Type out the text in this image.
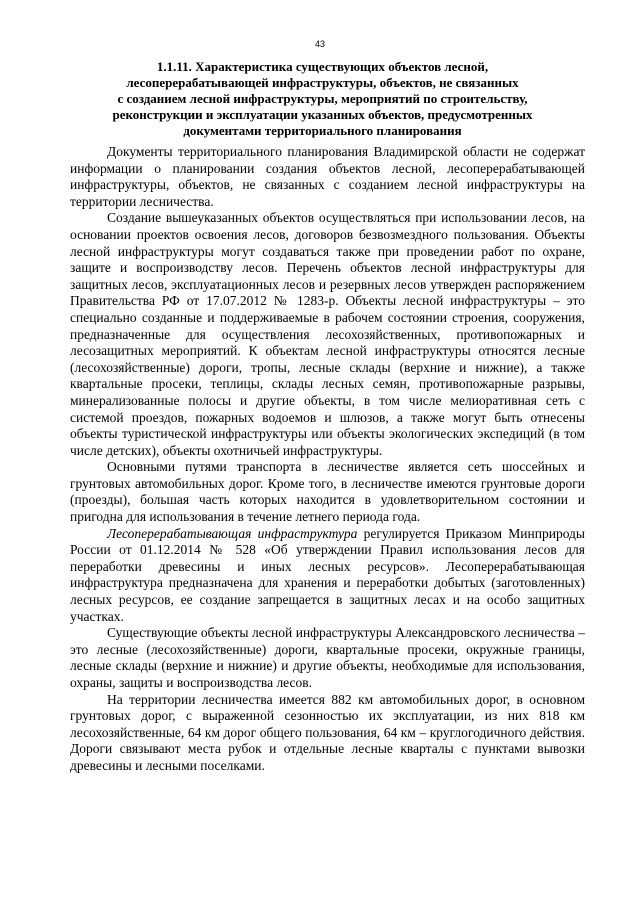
43
1.1.11. Характеристика существующих объектов лесной,
лесоперерабатывающей инфраструктуры, объектов, не связанных
с созданием лесной инфраструктуры, мероприятий по строительству,
реконструкции и эксплуатации указанных объектов, предусмотренных
документами территориального планирования

Документы территориального планирования Владимирской области не содержат информации о планировании создания объектов лесной, лесоперерабатывающей инфраструктуры, объектов, не связанных с созданием лесной инфраструктуры на территории лесничества.

Создание вышеуказанных объектов осуществляться при использовании лесов, на основании проектов освоения лесов, договоров безвозмездного пользования. Объекты лесной инфраструктуры могут создаваться также при проведении работ по охране, защите и воспроизводству лесов. Перечень объектов лесной инфраструктуры для защитных лесов, эксплуатационных лесов и резервных лесов утвержден распоряжением Правительства РФ от 17.07.2012 № 1283-р. Объекты лесной инфраструктуры – это специально созданные и поддерживаемые в рабочем состоянии строения, сооружения, предназначенные для осуществления лесохозяйственных, противопожарных и лесозащитных мероприятий. К объектам лесной инфраструктуры относятся лесные (лесохозяйственные) дороги, тропы, лесные склады (верхние и нижние), а также квартальные просеки, теплицы, склады лесных семян, противопожарные разрывы, минерализованные полосы и другие объекты, в том числе мелиоративная сеть с системой проездов, пожарных водоемов и шлюзов, а также могут быть отнесены объекты туристической инфраструктуры или объекты экологических экспедиций (в том числе детских), объекты охотничьей инфраструктуры.

Основными путями транспорта в лесничестве является сеть шоссейных и грунтовых автомобильных дорог. Кроме того, в лесничестве имеются грунтовые дороги (проезды), большая часть которых находится в удовлетворительном состоянии и пригодна для использования в течение летнего периода года.

Лесоперерабатывающая инфраструктура регулируется Приказом Минприроды России от 01.12.2014 № 528 «Об утверждении Правил использования лесов для переработки древесины и иных лесных ресурсов». Лесоперерабатывающая инфраструктура предназначена для хранения и переработки добытых (заготовленных) лесных ресурсов, ее создание запрещается в защитных лесах и на особо защитных участках.

Существующие объекты лесной инфраструктуры Александровского лесничества – это лесные (лесохозяйственные) дороги, квартальные просеки, окружные границы, лесные склады (верхние и нижние) и другие объекты, необходимые для использования, охраны, защиты и воспроизводства лесов.

На территории лесничества имеется 882 км автомобильных дорог, в основном грунтовых дорог, с выраженной сезонностью их эксплуатации, из них 818 км лесохозяйственные, 64 км дорог общего пользования, 64 км – круглогодичного действия. Дороги связывают места рубок и отдельные лесные кварталы с пунктами вывозки древесины и лесными поселками.
